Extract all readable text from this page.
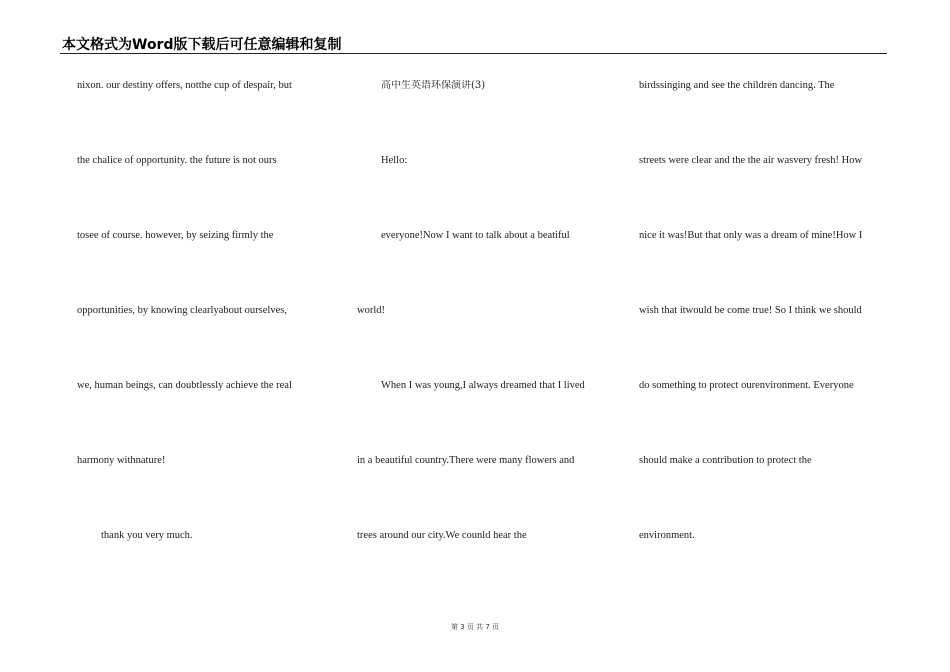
本文格式为Word版下载后可任意编辑和复制
nixon. our destiny offers, notthe cup of despair, but
the chalice of opportunity. the future is not ours
tosee of course. however, by seizing firmly the
opportunities, by knowing clearlyabout ourselves,
we, human beings, can doubtlessly achieve the real
harmony withnature!
thank you very much.
高中生英语环保演讲(3)
Hello:
everyone!Now I want to talk about a beatiful
world!
When I was young,I always dreamed that I lived
in a beautiful country.There were many flowers and
trees around our city.We counld hear the
birdssinging and see the children dancing. The
streets were clear and the the air wasvery fresh! How
nice it was!But that only was a dream of mine!How I
wish that itwould be come true! So I think we should
do something to protect ourenvironment. Everyone
should make a contribution to protect the
environment.
第 3 页 共 7 页
